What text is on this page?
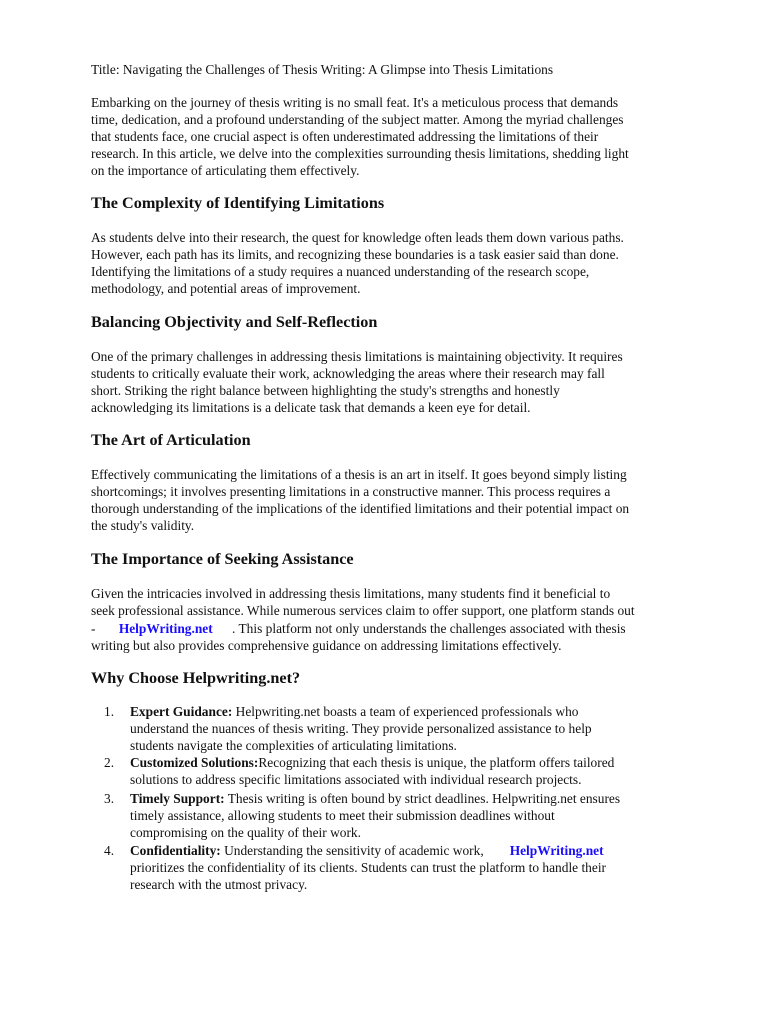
Title: Navigating the Challenges of Thesis Writing: A Glimpse into Thesis Limitations

Embarking on the journey of thesis writing is no small feat. It's a meticulous process that demands

time, dedication, and a profound understanding of the subject matter. Among the myriad challenges

that students face, one crucial aspect is often underestimated addressing the limitations of their

research. In this article, we delve into the complexities surrounding thesis limitations, shedding light

on the importance of articulating them effectively.

The Complexity of Identifying Limitations

As students delve into their research, the quest for knowledge often leads them down various paths.

However, each path has its limits, and recognizing these boundaries is a task easier said than done.

Identifying the limitations of a study requires a nuanced understanding of the research scope,

methodology, and potential areas of improvement.

Balancing Objectivity and Self-Reflection

One of the primary challenges in addressing thesis limitations is maintaining objectivity. It requires

students to critically evaluate their work, acknowledging the areas where their research may fall

short. Striking the right balance between highlighting the study's strengths and honestly

acknowledging its limitations is a delicate task that demands a keen eye for detail.

The Art of Articulation

Effectively communicating the limitations of a thesis is an art in itself. It goes beyond simply listing

shortcomings; it involves presenting limitations in a constructive manner. This process requires a

thorough understanding of the implications of the identified limitations and their potential impact on

the study's validity.

The Importance of Seeking Assistance

Given the intricacies involved in addressing thesis limitations, many students find it beneficial to

seek professional assistance. While numerous services claim to offer support, one platform stands out

- HelpWriting.net . This platform not only understands the challenges associated with thesis

writing but also provides comprehensive guidance on addressing limitations effectively.

Why Choose Helpwriting.net?

1. Expert Guidance: Helpwriting.net boasts a team of experienced professionals who

understand the nuances of thesis writing. They provide personalized assistance to help

students navigate the complexities of articulating limitations.

2. Customized Solutions:Recognizing that each thesis is unique, the platform offers tailored

solutions to address specific limitations associated with individual research projects.

3. Timely Support: Thesis writing is often bound by strict deadlines. Helpwriting.net ensures

timely assistance, allowing students to meet their submission deadlines without

compromising on the quality of their work.

4. Confidentiality: Understanding the sensitivity of academic work, HelpWriting.net

prioritizes the confidentiality of its clients. Students can trust the platform to handle their

research with the utmost privacy.
